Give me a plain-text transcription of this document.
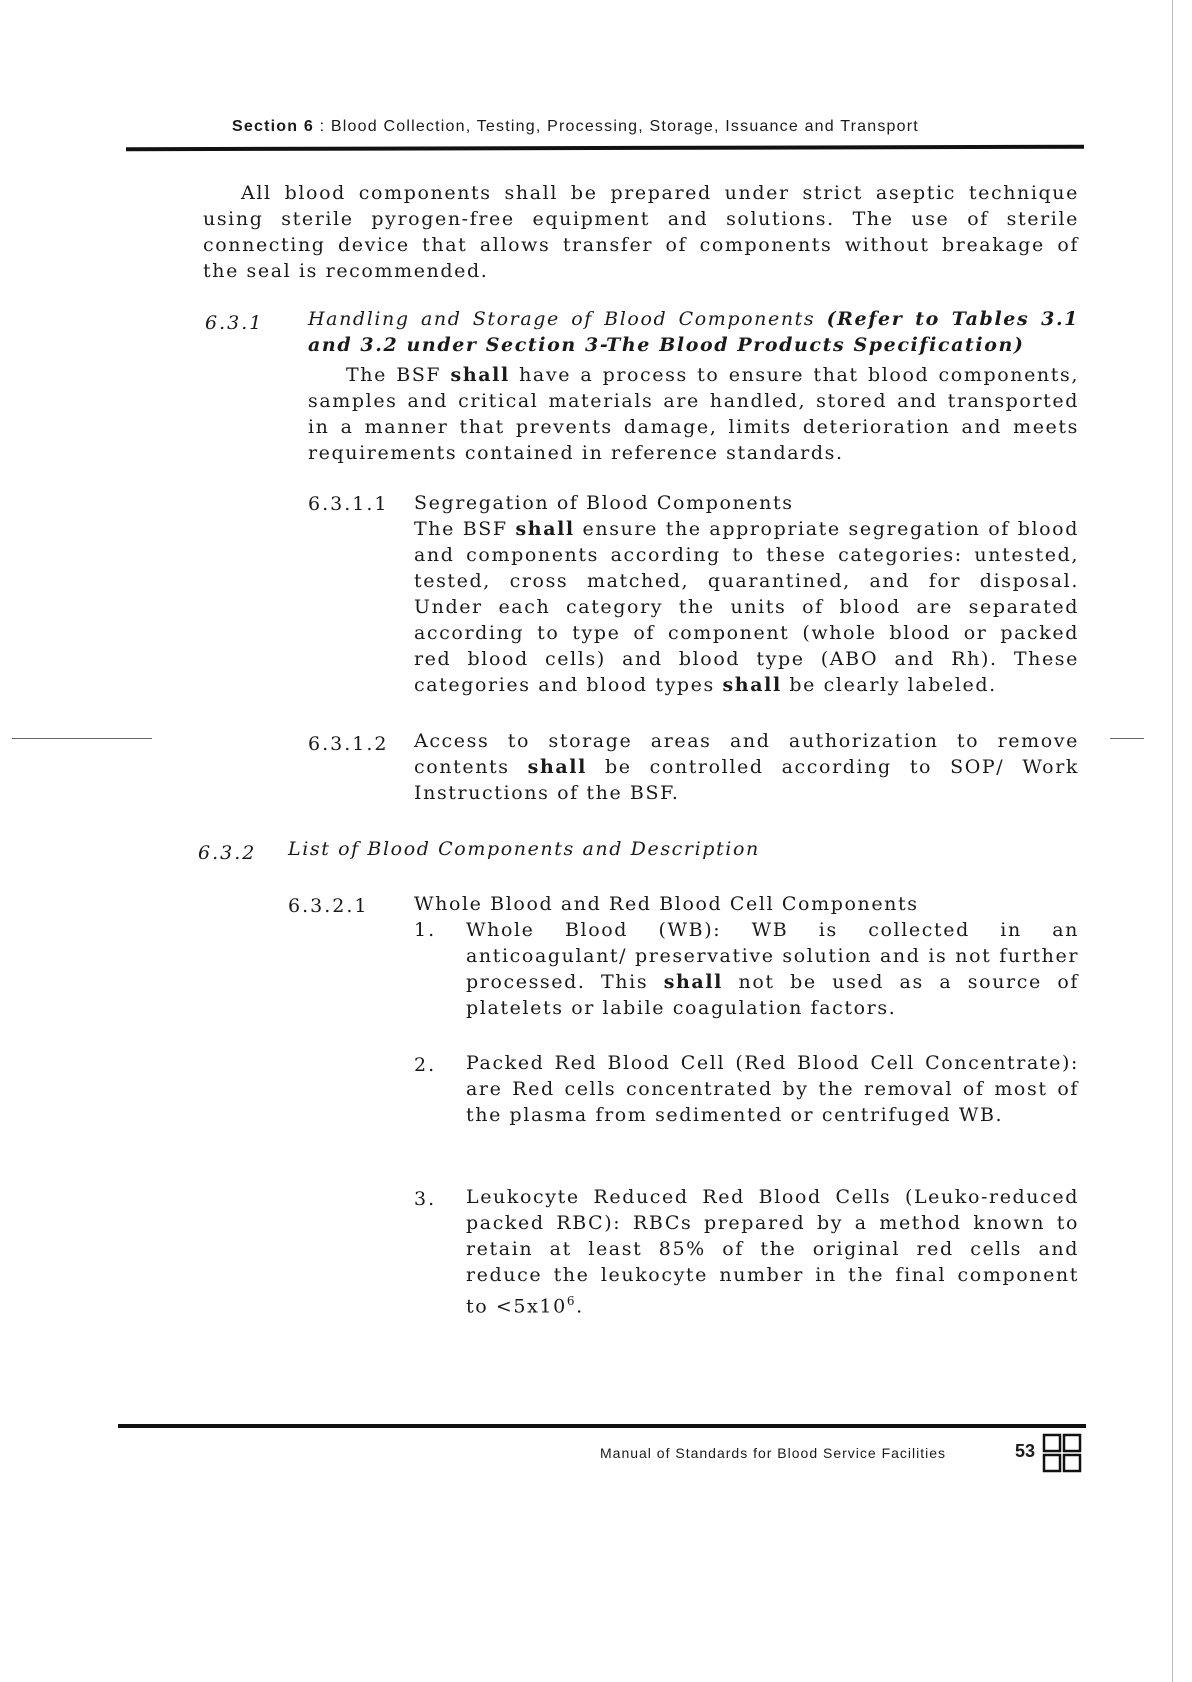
Section 6 : Blood Collection, Testing, Processing, Storage, Issuance and Transport
All blood components shall be prepared under strict aseptic technique using sterile pyrogen-free equipment and solutions. The use of sterile connecting device that allows transfer of components without breakage of the seal is recommended.
6.3.1 Handling and Storage of Blood Components (Refer to Tables 3.1 and 3.2 under Section 3-The Blood Products Specification)
The BSF shall have a process to ensure that blood components, samples and critical materials are handled, stored and transported in a manner that prevents damage, limits deterioration and meets requirements contained in reference standards.
6.3.1.1 Segregation of Blood Components
The BSF shall ensure the appropriate segregation of blood and components according to these categories: untested, tested, cross matched, quarantined, and for disposal. Under each category the units of blood are separated according to type of component (whole blood or packed red blood cells) and blood type (ABO and Rh). These categories and blood types shall be clearly labeled.
6.3.1.2 Access to storage areas and authorization to remove contents shall be controlled according to SOP/ Work Instructions of the BSF.
6.3.2 List of Blood Components and Description
6.3.2.1 Whole Blood and Red Blood Cell Components
1. Whole Blood (WB): WB is collected in an anticoagulant/ preservative solution and is not further processed. This shall not be used as a source of platelets or labile coagulation factors.
2. Packed Red Blood Cell (Red Blood Cell Concentrate): are Red cells concentrated by the removal of most of the plasma from sedimented or centrifuged WB.
3. Leukocyte Reduced Red Blood Cells (Leuko-reduced packed RBC): RBCs prepared by a method known to retain at least 85% of the original red cells and reduce the leukocyte number in the final component to $<5x10^6$.
Manual of Standards for Blood Service Facilities	53
